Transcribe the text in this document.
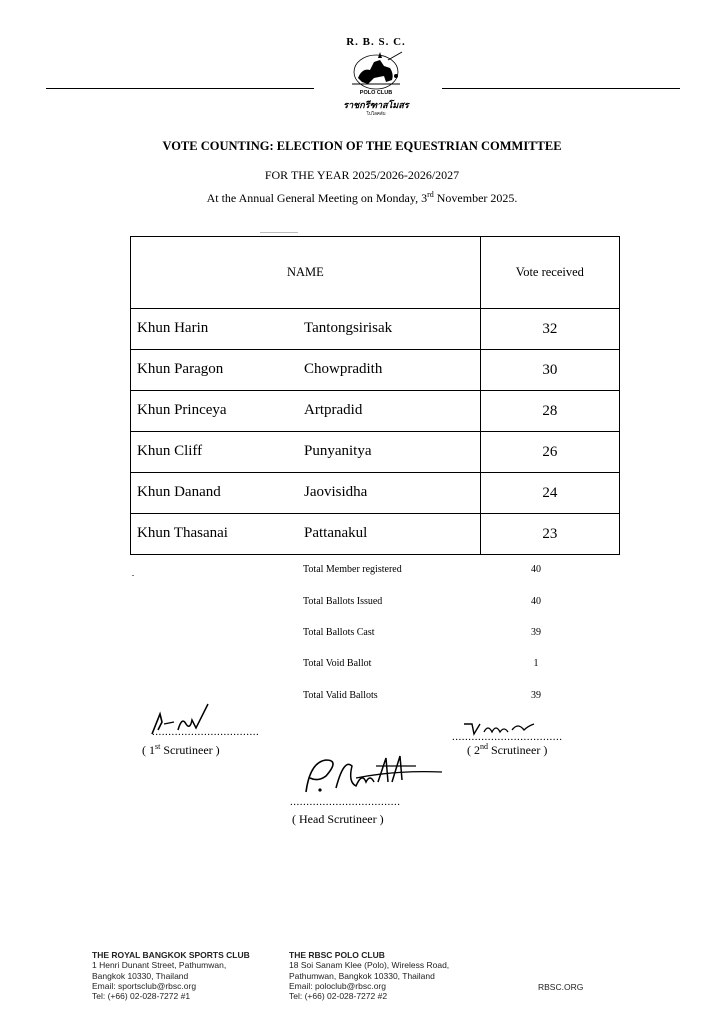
R. B. S. C.
POLO CLUB
ราชกรีฑาสโมสร
โปโลคลับ
VOTE COUNTING: ELECTION OF THE EQUESTRIAN COMMITTEE
FOR THE YEAR 2025/2026-2026/2027
At the Annual General Meeting on Monday, 3rd November 2025.
NAME	Vote received

Khun Harin Tantongsirisak	32

Khun Paragon Chowpradith	30

Khun Princeya Artpradid	28

Khun Cliff Punyanitya	26

Khun Danand Jaovisidha	24

Khun Thasanai Pattanakul	23
Total Member registered	40
Total Ballots Issued	40
Total Ballots Cast	39
Total Void Ballot	1
Total Valid Ballots	39
.................................
( 1st Scrutineer )
..................................
( 2nd Scrutineer )
..................................
( Head Scrutineer )
THE ROYAL BANGKOK SPORTS CLUB
1 Henri Dunant Street, Pathumwan,
Bangkok 10330, Thailand
Email: sportsclub@rbsc.org
Tel: (+66) 02-028-7272 #1
THE RBSC POLO CLUB
18 Soi Sanam Klee (Polo), Wireless Road,
Pathumwan, Bangkok 10330, Thailand
Email: poloclub@rbsc.org
Tel: (+66) 02-028-7272 #2
RBSC.ORG
